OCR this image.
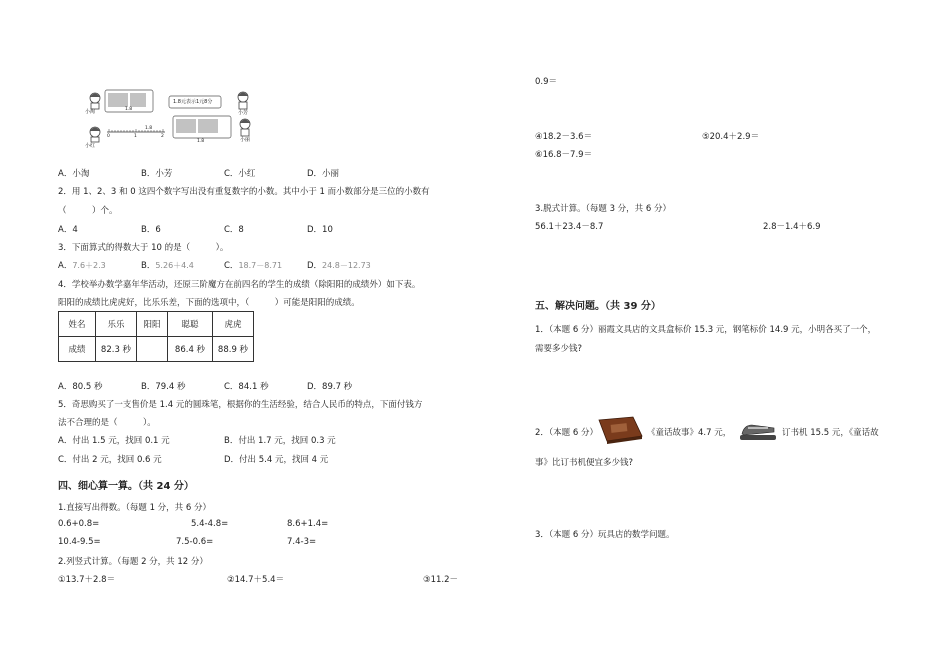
小淘
小红
小芳
小丽
1.8元表示1元8分
1.8
1.8
0	1	2
1.8
A．小淘	B．小芳	C．小红	D．小丽
2．用 1、2、3 和 0 这四个数字写出没有重复数字的小数。其中小于 1 而小数部分是三位的小数有
（　　　）个。
A．4	B．6	C．8	D．10
3．下面算式的得数大于 10 的是（　　　）。
A．7.6＋2.3	B．5.26＋4.4	C．18.7－8.71	D．24.8－12.73
4．学校举办数学嘉年华活动，还原三阶魔方在前四名的学生的成绩（除阳阳的成绩外）如下表。
阳阳的成绩比虎虎好，比乐乐差，下面的选项中，（　　　）可能是阳阳的成绩。
姓名	乐乐	阳阳	聪聪	虎虎
成绩	82.3 秒		86.4 秒	88.9 秒
A．80.5 秒	B．79.4 秒	C．84.1 秒	D．89.7 秒
5．奇思购买了一支售价是 1.4 元的圆珠笔，根据你的生活经验，结合人民币的特点，下面付钱方
法不合理的是（　　　）。
A．付出 1.5 元，找回 0.1 元	B．付出 1.7 元，找回 0.3 元
C．付出 2 元，找回 0.6 元	D．付出 5.4 元，找回 4 元
四、细心算一算。（共 24 分）
1.直接写出得数。（每题 1 分，共 6 分）
0.6+0.8=	5.4-4.8=	8.6+1.4=
10.4-9.5=	7.5-0.6=	7.4-3=
2.列竖式计算。（每题 2 分，共 12 分）
①13.7＋2.8＝	②14.7＋5.4＝	③11.2－
0.9＝
④18.2－3.6＝	⑤20.4＋2.9＝
⑥16.8－7.9＝
3.脱式计算。（每题 3 分，共 6 分）
56.1＋23.4－8.7	2.8－1.4＋6.9
五、解决问题。（共 39 分）
1．（本题 6 分）丽霞文具店的文具盒标价 15.3 元，钢笔标价 14.9 元，小明各买了一个，
需要多少钱?
2．（本题 6 分）	《童话故事》4.7 元，	订书机 15.5 元，《童话故
事》比订书机便宜多少钱?
3．（本题 6 分）玩具店的数学问题。
